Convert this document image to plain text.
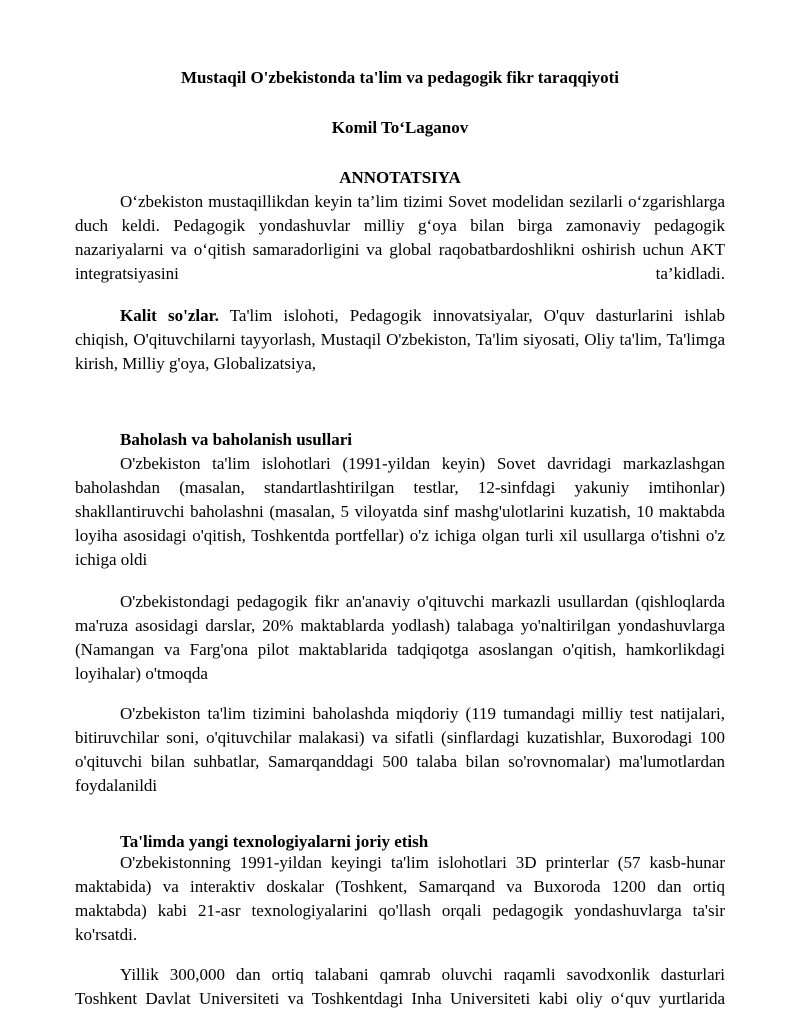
Mustaqil O'zbekistonda ta'lim va pedagogik fikr taraqqiyoti

Komil To‘Laganov

ANNOTATSIYA

O‘zbekiston mustaqillikdan keyin ta’lim tizimi Sovet modelidan sezilarli o‘zgarishlarga duch keldi. Pedagogik yondashuvlar milliy g‘oya bilan birga zamonaviy pedagogik nazariyalarni va o‘qitish samaradorligini va global raqobatbardoshlikni oshirish uchun AKT integratsiyasini ta’kidladi.

Kalit so'zlar. Ta'lim islohoti, Pedagogik innovatsiyalar, O'quv dasturlarini ishlab chiqish, O'qituvchilarni tayyorlash, Mustaqil O'zbekiston, Ta'lim siyosati, Oliy ta'lim, Ta'limga kirish, Milliy g'oya, Globalizatsiya,

Baholash va baholanish usullari

O'zbekiston ta'lim islohotlari (1991-yildan keyin) Sovet davridagi markazlashgan baholashdan (masalan, standartlashtirilgan testlar, 12-sinfdagi yakuniy imtihonlar) shakllantiruvchi baholashni (masalan, 5 viloyatda sinf mashg'ulotlarini kuzatish, 10 maktabda loyiha asosidagi o'qitish, Toshkentda portfellar) o'z ichiga olgan turli xil usullarga o'tishni o'z ichiga oldi

O'zbekistondagi pedagogik fikr an'anaviy o'qituvchi markazli usullardan (qishloqlarda ma'ruza asosidagi darslar, 20% maktablarda yodlash) talabaga yo'naltirilgan yondashuvlarga (Namangan va Farg'ona pilot maktablarida tadqiqotga asoslangan o'qitish, hamkorlikdagi loyihalar) o'tmoqda

O'zbekiston ta'lim tizimini baholashda miqdoriy (119 tumandagi milliy test natijalari, bitiruvchilar soni, o'qituvchilar malakasi) va sifatli (sinflardagi kuzatishlar, Buxorodagi 100 o'qituvchi bilan suhbatlar, Samarqanddagi 500 talaba bilan so'rovnomalar) ma'lumotlardan foydalanildi

Ta'limda yangi texnologiyalarni joriy etish

O'zbekistonning 1991-yildan keyingi ta'lim islohotlari 3D printerlar (57 kasb-hunar maktabida) va interaktiv doskalar (Toshkent, Samarqand va Buxoroda 1200 dan ortiq maktabda) kabi 21-asr texnologiyalarini qo'llash orqali pedagogik yondashuvlarga ta'sir ko'rsatdi.

Yillik 300,000 dan ortiq talabani qamrab oluvchi raqamli savodxonlik dasturlari Toshkent Davlat Universiteti va Toshkentdagi Inha Universiteti kabi oliy o‘quv yurtlarida
